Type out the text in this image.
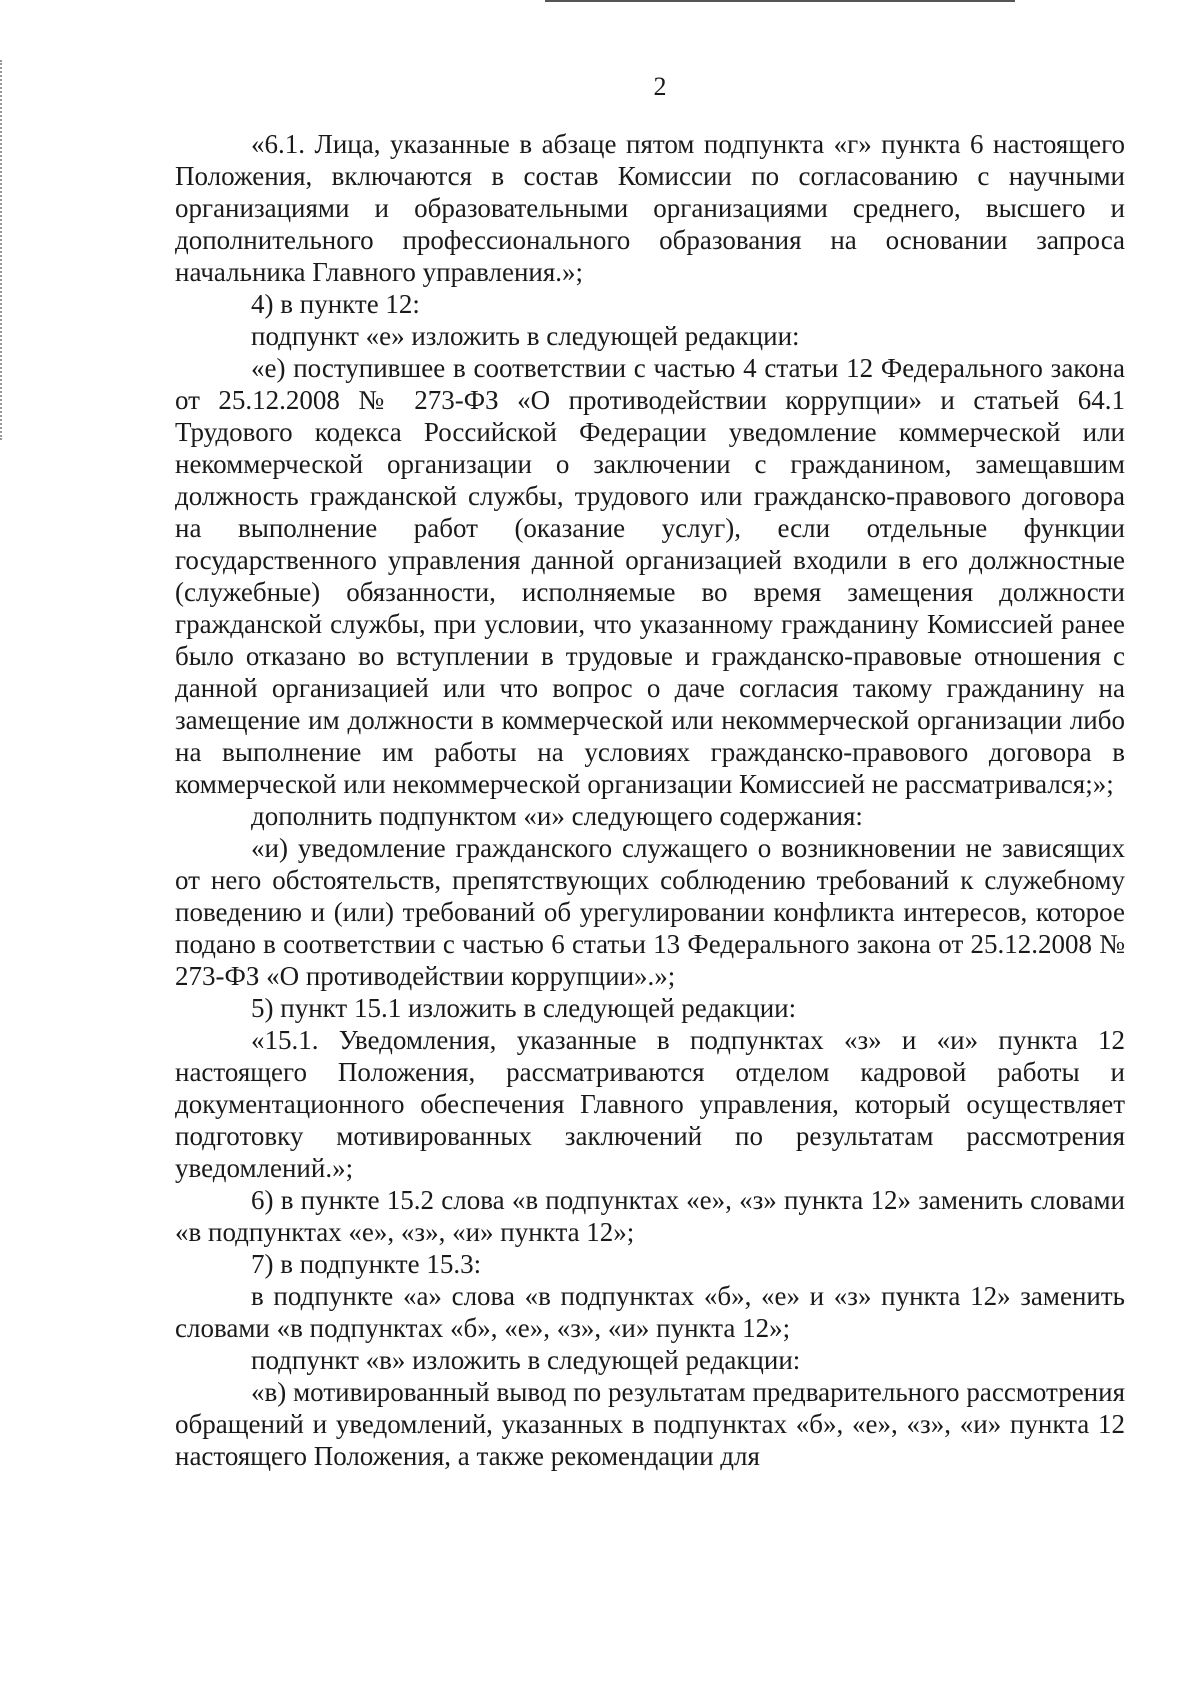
2

«6.1. Лица, указанные в абзаце пятом подпункта «г» пункта 6 настоящего Положения, включаются в состав Комиссии по согласованию с научными организациями и образовательными организациями среднего, высшего и дополнительного профессионального образования на основании запроса начальника Главного управления.»;

4) в пункте 12:

подпункт «е» изложить в следующей редакции:

«е) поступившее в соответствии с частью 4 статьи 12 Федерального закона от 25.12.2008 № 273-ФЗ «О противодействии коррупции» и статьей 64.1 Трудового кодекса Российской Федерации уведомление коммерческой или некоммерческой организации о заключении с гражданином, замещавшим должность гражданской службы, трудового или гражданско-правового договора на выполнение работ (оказание услуг), если отдельные функции государственного управления данной организацией входили в его должностные (служебные) обязанности, исполняемые во время замещения должности гражданской службы, при условии, что указанному гражданину Комиссией ранее было отказано во вступлении в трудовые и гражданско-правовые отношения с данной организацией или что вопрос о даче согласия такому гражданину на замещение им должности в коммерческой или некоммерческой организации либо на выполнение им работы на условиях гражданско-правового договора в коммерческой или некоммерческой организации Комиссией не рассматривался;»;

дополнить подпунктом «и» следующего содержания:

«и) уведомление гражданского служащего о возникновении не зависящих от него обстоятельств, препятствующих соблюдению требований к служебному поведению и (или) требований об урегулировании конфликта интересов, которое подано в соответствии с частью 6 статьи 13 Федерального закона от 25.12.2008 № 273-ФЗ «О противодействии коррупции».»;

5) пункт 15.1 изложить в следующей редакции:

«15.1. Уведомления, указанные в подпунктах «з» и «и» пункта 12 настоящего Положения, рассматриваются отделом кадровой работы и документационного обеспечения Главного управления, который осуществляет подготовку мотивированных заключений по результатам рассмотрения уведомлений.»;

6) в пункте 15.2 слова «в подпунктах «е», «з» пункта 12» заменить словами «в подпунктах «е», «з», «и» пункта 12»;

7) в подпункте 15.3:

в подпункте «а» слова «в подпунктах «б», «е» и «з» пункта 12» заменить словами «в подпунктах «б», «е», «з», «и» пункта 12»;

подпункт «в» изложить в следующей редакции:

«в) мотивированный вывод по результатам предварительного рассмотрения обращений и уведомлений, указанных в подпунктах «б», «е», «з», «и» пункта 12 настоящего Положения, а также рекомендации для
